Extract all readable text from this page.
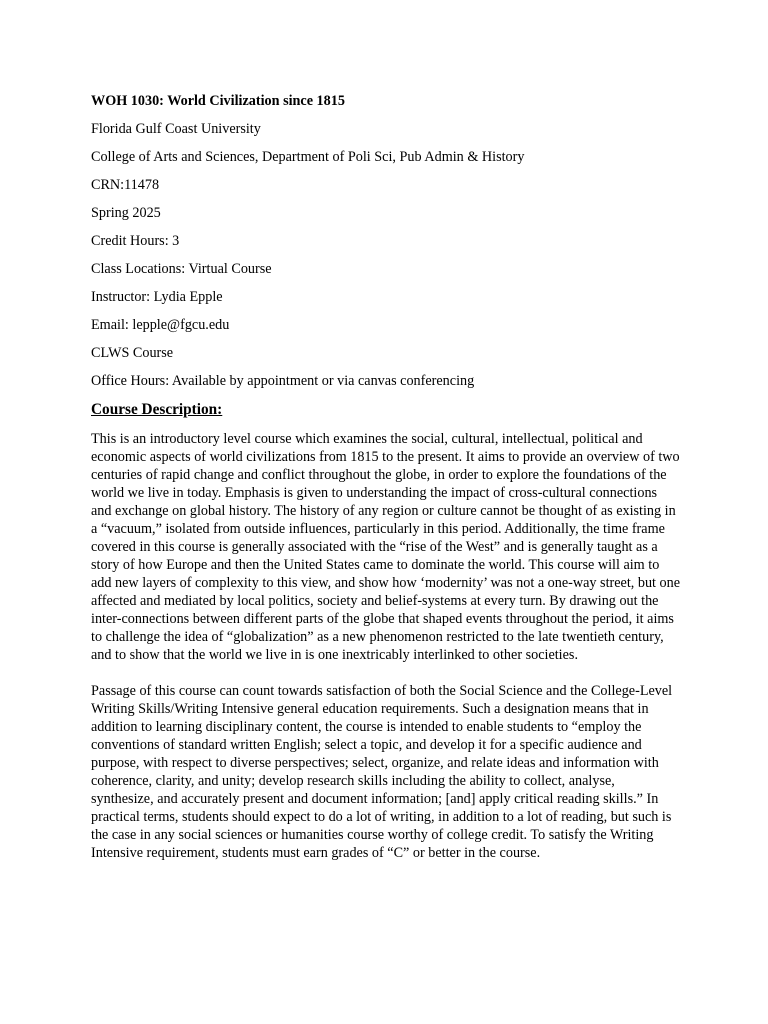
WOH 1030: World Civilization since 1815
Florida Gulf Coast University
College of Arts and Sciences, Department of Poli Sci, Pub Admin & History
CRN:11478
Spring 2025
Credit Hours: 3
Class Locations: Virtual Course
Instructor: Lydia Epple
Email: lepple@fgcu.edu
CLWS Course
Office Hours: Available by appointment or via canvas conferencing
Course Description:

This is an introductory level course which examines the social, cultural, intellectual, political and economic aspects of world civilizations from 1815 to the present. It aims to provide an overview of two centuries of rapid change and conflict throughout the globe, in order to explore the foundations of the world we live in today. Emphasis is given to understanding the impact of cross-cultural connections and exchange on global history. The history of any region or culture cannot be thought of as existing in a “vacuum,” isolated from outside influences, particularly in this period. Additionally, the time frame covered in this course is generally associated with the “rise of the West” and is generally taught as a story of how Europe and then the United States came to dominate the world. This course will aim to add new layers of complexity to this view, and show how ‘modernity’ was not a one-way street, but one affected and mediated by local politics, society and belief-systems at every turn. By drawing out the inter-connections between different parts of the globe that shaped events throughout the period, it aims to challenge the idea of “globalization” as a new phenomenon restricted to the late twentieth century, and to show that the world we live in is one inextricably interlinked to other societies.

Passage of this course can count towards satisfaction of both the Social Science and the College-Level Writing Skills/Writing Intensive general education requirements. Such a designation means that in addition to learning disciplinary content, the course is intended to enable students to “employ the conventions of standard written English; select a topic, and develop it for a specific audience and purpose, with respect to diverse perspectives; select, organize, and relate ideas and information with coherence, clarity, and unity; develop research skills including the ability to collect, analyse, synthesize, and accurately present and document information; [and] apply critical reading skills.” In practical terms, students should expect to do a lot of writing, in addition to a lot of reading, but such is the case in any social sciences or humanities course worthy of college credit. To satisfy the Writing Intensive requirement, students must earn grades of “C” or better in the course.
